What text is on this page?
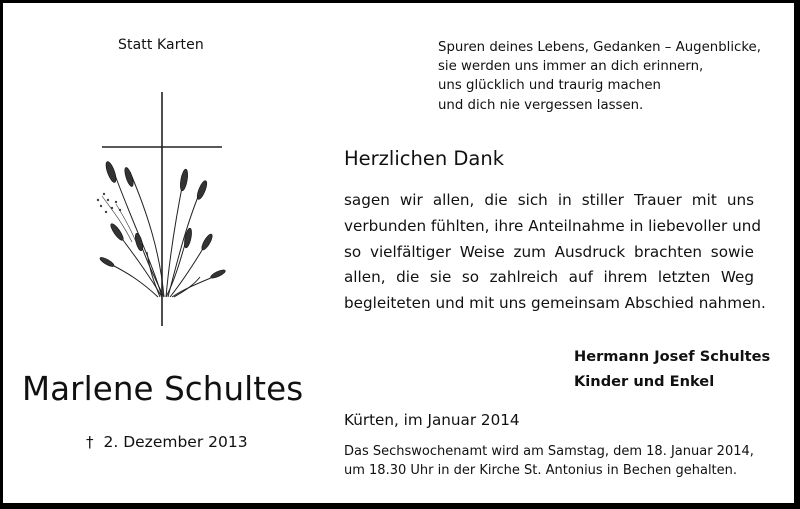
Statt Karten
Marlene Schultes
† 2. Dezember 2013
Spuren deines Lebens, Gedanken – Augenblicke,
sie werden uns immer an dich erinnern,
uns glücklich und traurig machen
und dich nie vergessen lassen.
Herzlichen Dank
sagen wir allen, die sich in stiller Trauer mit uns
verbunden fühlten, ihre Anteilnahme in liebevoller und
so vielfältiger Weise zum Ausdruck brachten sowie
allen, die sie so zahlreich auf ihrem letzten Weg
begleiteten und mit uns gemeinsam Abschied nahmen.
Hermann Josef Schultes
Kinder und Enkel
Kürten, im Januar 2014
Das Sechswochenamt wird am Samstag, dem 18. Januar 2014,
um 18.30 Uhr in der Kirche St. Antonius in Bechen gehalten.
